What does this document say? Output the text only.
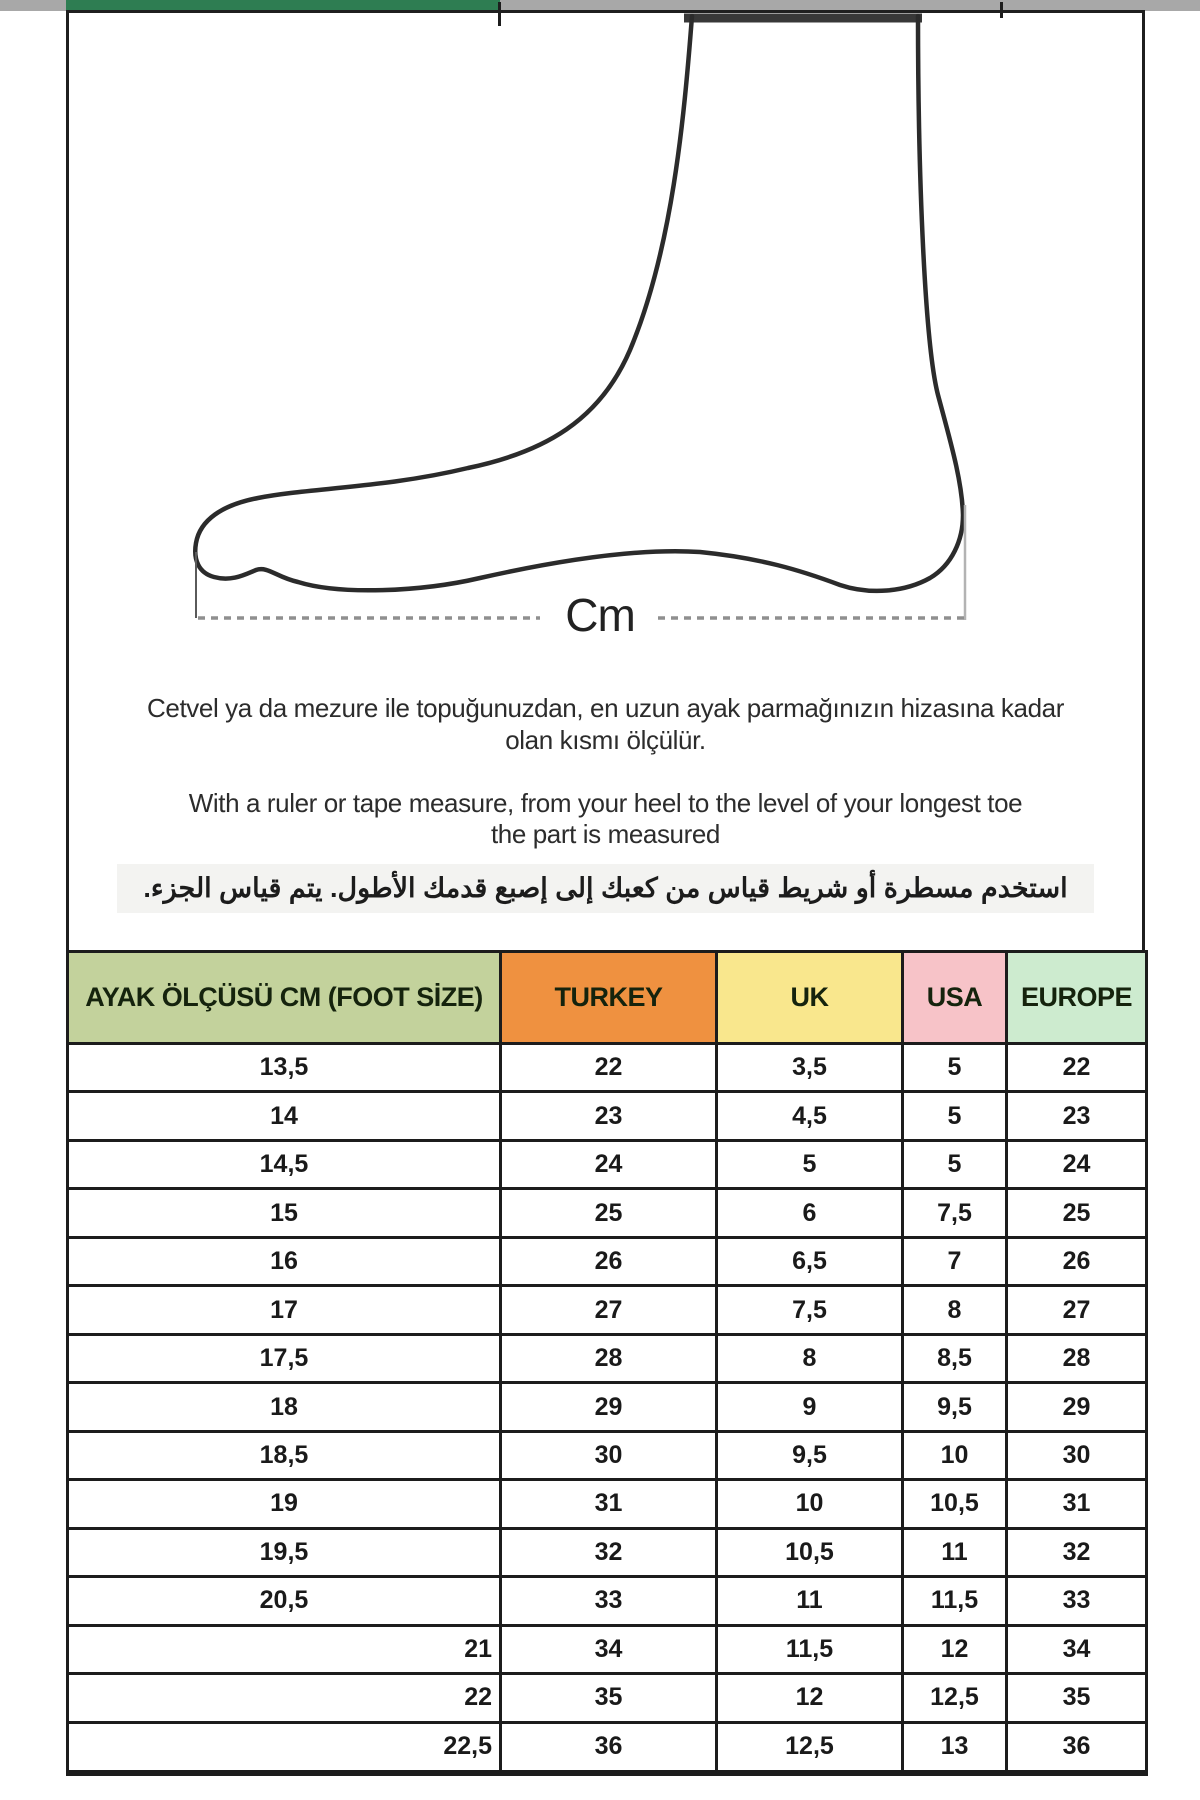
Cm
Cetvel ya da mezure ile topuğunuzdan, en uzun ayak parmağınızın hizasına kadar
olan kısmı ölçülür.
With a ruler or tape measure, from your heel to the level of your longest toe
the part is measured
استخدم مسطرة أو شريط قياس من كعبك إلى إصبع قدمك الأطول. يتم قياس الجزء.
AYAK ÖLÇÜSÜ CM (FOOT SİZE)	TURKEY	UK	USA	EUROPE
13,5	22	3,5	5	22
14	23	4,5	5	23
14,5	24	5	5	24
15	25	6	7,5	25
16	26	6,5	7	26
17	27	7,5	8	27
17,5	28	8	8,5	28
18	29	9	9,5	29
18,5	30	9,5	10	30
19	31	10	10,5	31
19,5	32	10,5	11	32
20,5	33	11	11,5	33
21	34	11,5	12	34
22	35	12	12,5	35
22,5	36	12,5	13	36
